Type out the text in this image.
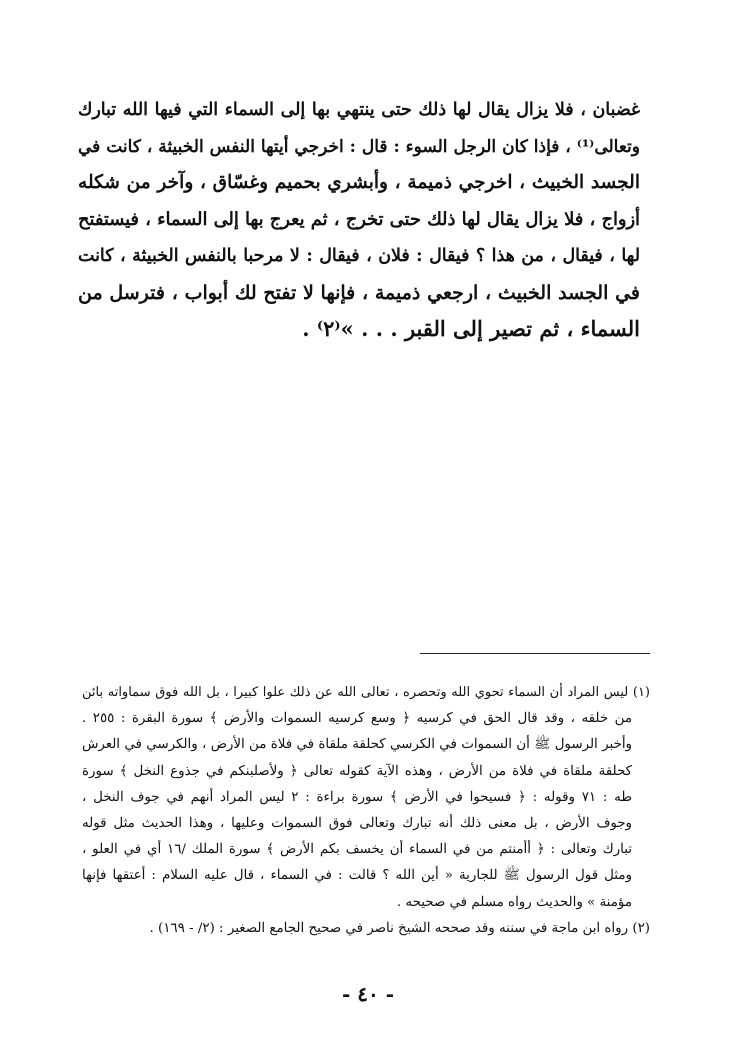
غضبان ، فلا يزال يقال لها ذلك حتى ينتهي بها إلى السماء التي فيها الله تبارك
وتعالى⁽¹⁾ ، فإذا كان الرجل السوء : قال : اخرجي أيتها النفس الخبيثة ، كانت في
الجسد الخبيث ، اخرجي ذميمة ، وأبشري بحميم وغسّاق ، وآخر من شكله
أزواج ، فلا يزال يقال لها ذلك حتى تخرج ، ثم يعرج بها إلى السماء ، فيستفتح
لها ، فيقال ، من هذا ؟ فيقال : فلان ، فيقال : لا مرحبا بالنفس الخبيثة ، كانت
في الجسد الخبيث ، ارجعي ذميمة ، فإنها لا تفتح لك أبواب ، فترسل من
السماء ، ثم تصير إلى القبر . . . »⁽٢⁾ .
(١) ليس المراد أن السماء تحوي الله وتحصره ، تعالى الله عن ذلك علوا كبيرا ، بل الله فوق سماواته بائن
من خلقه ، وقد قال الحق في كرسيه ﴿ وسع كرسيه السموات والأرض ﴾ سورة البقرة : ٢٥٥ .
وأخبر الرسول ﷺ أن السموات في الكرسي كحلقة ملقاة في فلاة من الأرض ، والكرسي في العرش
كحلقة ملقاة في فلاة من الأرض ، وهذه الآية كقوله تعالى ﴿ ولأصلبنكم في جذوع النخل ﴾ سورة
طه : ٧١ وقوله : ﴿ فسيحوا في الأرض ﴾ سورة براءة : ٢ ليس المراد أنهم في جوف النخل ،
وجوف الأرض ، بل معنى ذلك أنه تبارك وتعالى فوق السموات وعليها ، وهذا الحديث مثل قوله
تبارك وتعالى : ﴿ أأمنتم من في السماء أن يخسف بكم الأرض ﴾ سورة الملك /١٦ أي في العلو ،
ومثل قول الرسول ﷺ للجارية « أين الله ؟ قالت : في السماء ، قال عليه السلام : أعتقها فإنها
مؤمنة » والحديث رواه مسلم في صحيحه .
(٢) رواه ابن ماجة في سننه وقد صححه الشيخ ناصر في صحيح الجامع الصغير : (٢/ - ١٦٩) .
- ٤٠ -
